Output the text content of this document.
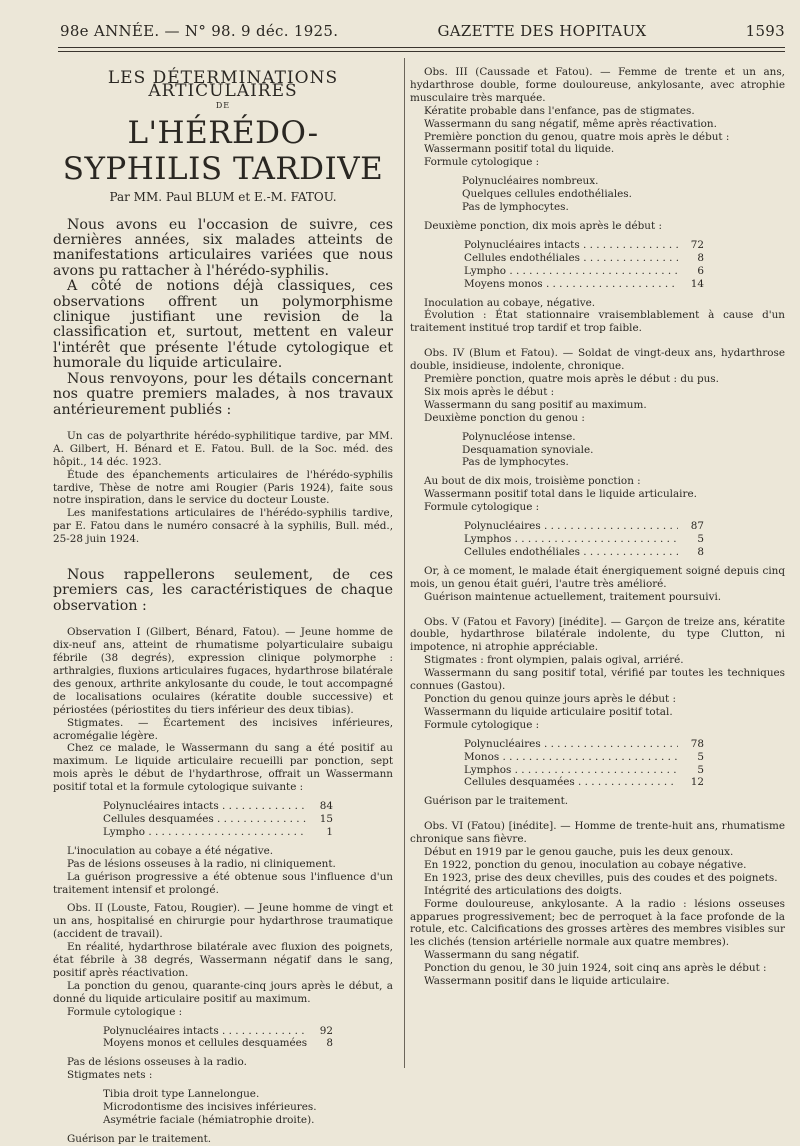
98e ANNÉE. — N° 98. 9 déc. 1925.	GAZETTE DES HOPITAUX	1593
LES DÉTERMINATIONS ARTICULAIRES
DE
L'HÉRÉDO-SYPHILIS TARDIVE
Par MM. Paul BLUM et E.-M. FATOU.

Nous avons eu l'occasion de suivre, ces dernières années, six malades atteints de manifestations articulaires variées que nous avons pu rattacher à l'hérédo-syphilis.

A côté de notions déjà classiques, ces observations offrent un polymorphisme clinique justifiant une revision de la classification et, surtout, mettent en valeur l'intérêt que présente l'étude cytologique et humorale du liquide articulaire.

Nous renvoyons, pour les détails concernant nos quatre premiers malades, à nos travaux antérieurement publiés :

Un cas de polyarthrite hérédo-syphilitique tardive, par MM. A. Gilbert, H. Bénard et E. Fatou. Bull. de la Soc. méd. des hôpit., 14 déc. 1923.

Étude des épanchements articulaires de l'hérédo-syphilis tardive, Thèse de notre ami Rougier (Paris 1924), faite sous notre inspiration, dans le service du docteur Louste.

Les manifestations articulaires de l'hérédo-syphilis tardive, par E. Fatou dans le numéro consacré à la syphilis, Bull. méd., 25-28 juin 1924.

Nous rappellerons seulement, de ces premiers cas, les caractéristiques de chaque observation :

Observation I (Gilbert, Bénard, Fatou). — Jeune homme de dix-neuf ans, atteint de rhumatisme polyarticulaire subaigu fébrile (38 degrés), expression clinique polymorphe : arthralgies, fluxions articulaires fugaces, hydarthrose bilatérale des genoux, arthrite ankylosante du coude, le tout accompagné de localisations oculaires (kératite double successive) et périostées (périostites du tiers inférieur des deux tibias).

Stigmates. — Écartement des incisives inférieures, acromégalie légère.

Chez ce malade, le Wassermann du sang a été positif au maximum. Le liquide articulaire recueilli par ponction, sept mois après le début de l'hydarthrose, offrait un Wassermann positif total et la formule cytologique suivante :

Polynucléaires intacts . . .	84
Cellules desquamées . . .	15
Lympho . . .	1

L'inoculation au cobaye a été négative.

Pas de lésions osseuses à la radio, ni cliniquement.

La guérison progressive a été obtenue sous l'influence d'un traitement intensif et prolongé.

Obs. II (Louste, Fatou, Rougier). — Jeune homme de vingt et un ans, hospitalisé en chirurgie pour hydarthrose traumatique (accident de travail).

En réalité, hydarthrose bilatérale avec fluxion des poignets, état fébrile à 38 degrés, Wassermann négatif dans le sang, positif après réactivation.

La ponction du genou, quarante-cinq jours après le début, a donné du liquide articulaire positif au maximum.

Formule cytologique :

Polynucléaires intacts . . .	92
Moyens monos et cellules desquamées . . .	8

Pas de lésions osseuses à la radio.

Stigmates nets :

Tibia droit type Lannelongue.
Microdontisme des incisives inférieures.
Asymétrie faciale (hémiatrophie droite).

Guérison par le traitement.

Obs. III (Caussade et Fatou). — Femme de trente et un ans, hydarthrose double, forme douloureuse, ankylosante, avec atrophie musculaire très marquée.

Kératite probable dans l'enfance, pas de stigmates.

Wassermann du sang négatif, même après réactivation.

Première ponction du genou, quatre mois après le début :

Wassermann positif total du liquide.

Formule cytologique :

Polynucléaires nombreux.
Quelques cellules endothéliales.
Pas de lymphocytes.

Deuxième ponction, dix mois après le début :

Polynucléaires intacts . . .	72
Cellules endothéliales . . .	8
Lympho . . .	6
Moyens monos . . .	14

Inoculation au cobaye, négative.

Évolution : État stationnaire vraisemblablement à cause d'un traitement institué trop tardif et trop faible.

Obs. IV (Blum et Fatou). — Soldat de vingt-deux ans, hydarthrose double, insidieuse, indolente, chronique.

Première ponction, quatre mois après le début : du pus.

Six mois après le début :

Wassermann du sang positif au maximum.

Deuxième ponction du genou :

Polynucléose intense.
Desquamation synoviale.
Pas de lymphocytes.

Au bout de dix mois, troisième ponction :

Wassermann positif total dans le liquide articulaire.

Formule cytologique :

Polynucléaires . . .	87
Lymphos . . .	5
Cellules endothéliales . . .	8

Or, à ce moment, le malade était énergiquement soigné depuis cinq mois, un genou était guéri, l'autre très amélioré.

Guérison maintenue actuellement, traitement poursuivi.

Obs. V (Fatou et Favory) [inédite]. — Garçon de treize ans, kératite double, hydarthrose bilatérale indolente, du type Clutton, ni impotence, ni atrophie appréciable.

Stigmates : front olympien, palais ogival, arriéré.

Wassermann du sang positif total, vérifié par toutes les techniques connues (Gastou).

Ponction du genou quinze jours après le début :

Wassermann du liquide articulaire positif total.

Formule cytologique :

Polynucléaires . . .	78
Monos . . .	5
Lymphos . . .	5
Cellules desquamées . . .	12

Guérison par le traitement.

Obs. VI (Fatou) [inédite]. — Homme de trente-huit ans, rhumatisme chronique sans fièvre.

Début en 1919 par le genou gauche, puis les deux genoux.

En 1922, ponction du genou, inoculation au cobaye négative.

En 1923, prise des deux chevilles, puis des coudes et des poignets.

Intégrité des articulations des doigts.

Forme douloureuse, ankylosante. A la radio : lésions osseuses apparues progressivement; bec de perroquet à la face profonde de la rotule, etc. Calcifications des grosses artères des membres visibles sur les clichés (tension artérielle normale aux quatre membres).

Wassermann du sang négatif.

Ponction du genou, le 30 juin 1924, soit cinq ans après le début :

Wassermann positif dans le liquide articulaire.
